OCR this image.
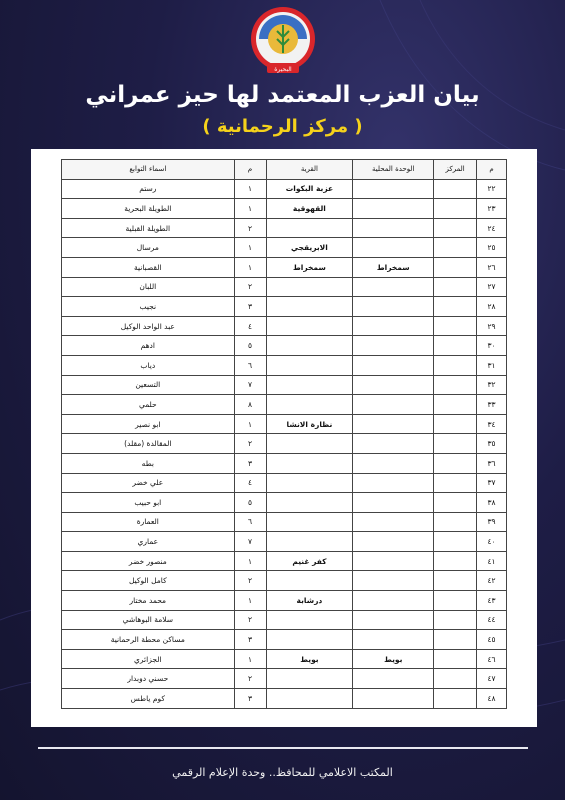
البحيرة
بيان العزب المعتمد لها حيز عمراني
( مركز الرحمانية )
م	المركز	الوحدة المحلية	القرية	م	اسماء التوابع
٢٢			عزبة البكوات	١	رستم
٢٣			القهوقية	١	الطويلة البحرية
٢٤				٢	الطويلة القبلية
٢٥			الابريقجي	١	مرسال
٢٦		سمخراط	سمخراط	١	القصبانية
٢٧				٢	اللبان
٢٨				٣	نجيب
٢٩				٤	عبد الواحد الوكيل
٣٠				٥	ادهم
٣١				٦	دياب
٣٢				٧	التسعين
٣٣				٨	حلمي
٣٤			نظارة الانشا	١	ابو نصير
٣٥				٢	المقالدة (مقلد)
٣٦				٣	بطه
٣٧				٤	علي خضر
٣٨				٥	ابو حبيب
٣٩				٦	العمارة
٤٠				٧	عماري
٤١			كفر غنيم	١	منصور خضر
٤٢				٢	كامل الوكيل
٤٣			درشابة	١	محمد مختار
٤٤				٢	سلامة البوهاشي
٤٥				٣	مساكن محطة الرحمانية
٤٦		بويط	بويط	١	الجزائري
٤٧				٢	حسني دوبدار
٤٨				٣	كوم ياطس
المكتب الاعلامي للمحافظ.. وحدة الإعلام الرقمي
